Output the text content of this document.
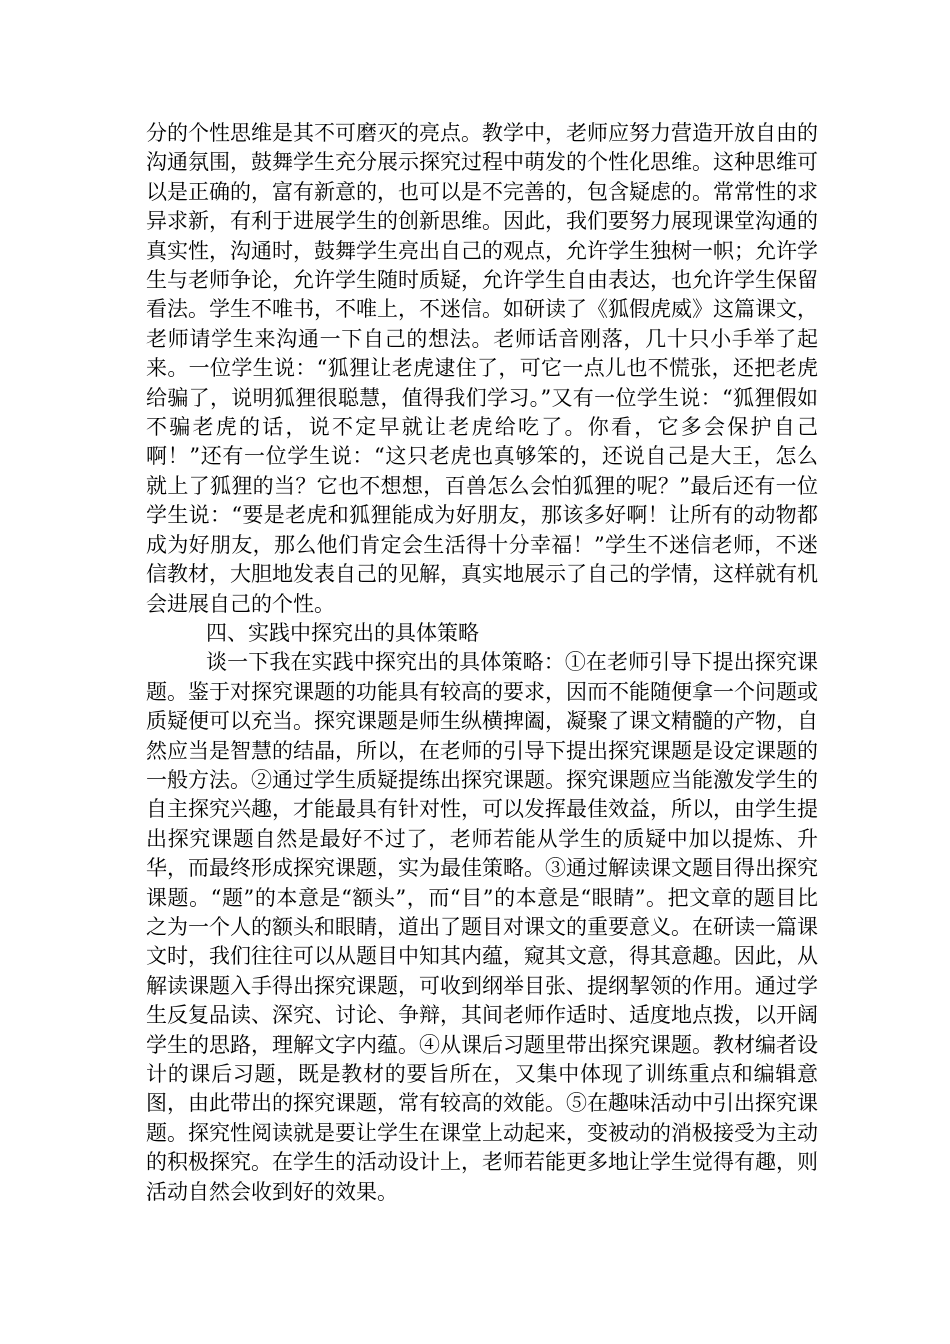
分的个性思维是其不可磨灭的亮点。教学中，老师应努力营造开放自由的沟通氛围，鼓舞学生充分展示探究过程中萌发的个性化思维。这种思维可以是正确的，富有新意的，也可以是不完善的，包含疑虑的。常常性的求异求新，有利于进展学生的创新思维。因此，我们要努力展现课堂沟通的真实性，沟通时，鼓舞学生亮出自己的观点，允许学生独树一帜；允许学生与老师争论，允许学生随时质疑，允许学生自由表达，也允许学生保留看法。学生不唯书，不唯上，不迷信。如研读了《狐假虎威》这篇课文，老师请学生来沟通一下自己的想法。老师话音刚落，几十只小手举了起来。一位学生说：“狐狸让老虎逮住了，可它一点儿也不慌张，还把老虎给骗了，说明狐狸很聪慧，值得我们学习。”又有一位学生说：“狐狸假如不骗老虎的话，说不定早就让老虎给吃了。你看，它多会保护自己啊！”还有一位学生说：“这只老虎也真够笨的，还说自己是大王，怎么就上了狐狸的当？它也不想想，百兽怎么会怕狐狸的呢？”最后还有一位学生说：“要是老虎和狐狸能成为好朋友，那该多好啊！让所有的动物都成为好朋友，那么他们肯定会生活得十分幸福！”学生不迷信老师，不迷信教材，大胆地发表自己的见解，真实地展示了自己的学情，这样就有机会进展自己的个性。

四、实践中探究出的具体策略

谈一下我在实践中探究出的具体策略：①在老师引导下提出探究课题。鉴于对探究课题的功能具有较高的要求，因而不能随便拿一个问题或质疑便可以充当。探究课题是师生纵横捭阖，凝聚了课文精髓的产物，自然应当是智慧的结晶，所以，在老师的引导下提出探究课题是设定课题的一般方法。②通过学生质疑提练出探究课题。探究课题应当能激发学生的自主探究兴趣，才能最具有针对性，可以发挥最佳效益，所以，由学生提出探究课题自然是最好不过了，老师若能从学生的质疑中加以提炼、升华，而最终形成探究课题，实为最佳策略。③通过解读课文题目得出探究课题。“题”的本意是“额头”，而“目”的本意是“眼睛”。把文章的题目比之为一个人的额头和眼睛，道出了题目对课文的重要意义。在研读一篇课文时，我们往往可以从题目中知其内蕴，窥其文意，得其意趣。因此，从解读课题入手得出探究课题，可收到纲举目张、提纲挈领的作用。通过学生反复品读、深究、讨论、争辩，其间老师作适时、适度地点拨，以开阔学生的思路，理解文字内蕴。④从课后习题里带出探究课题。教材编者设计的课后习题，既是教材的要旨所在，又集中体现了训练重点和编辑意图，由此带出的探究课题，常有较高的效能。⑤在趣味活动中引出探究课题。探究性阅读就是要让学生在课堂上动起来，变被动的消极接受为主动的积极探究。在学生的活动设计上，老师若能更多地让学生觉得有趣，则活动自然会收到好的效果。
